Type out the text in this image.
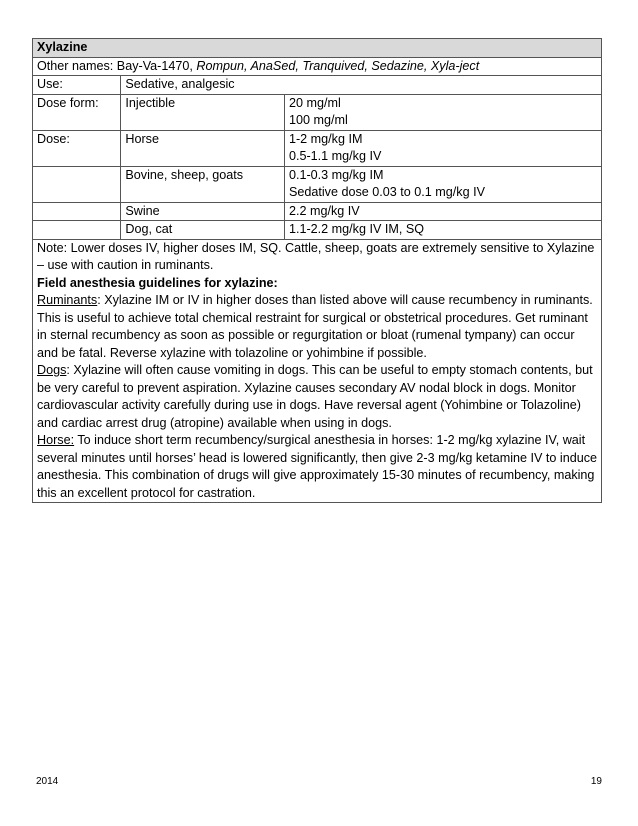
Xylazine		
Other names: Bay-Va-1470, Rompun, AnaSed, Tranquived, Sedazine, Xyla-ject		
Use:	Sedative, analgesic	
Dose form:	Injectible	20 mg/ml
100 mg/ml

Dose:	Horse	1-2 mg/kg IM
0.5-1.1 mg/kg IV

	Bovine, sheep, goats	0.1-0.3 mg/kg IM
Sedative dose 0.03 to 0.1 mg/kg IV

	Swine	2.2 mg/kg IV
	Dog, cat	1.1-2.2 mg/kg IV IM, SQ

Note: Lower doses IV, higher doses IM, SQ. Cattle, sheep, goats are extremely sensitive to Xylazine – use with caution in ruminants.

Field anesthesia guidelines for xylazine:

Ruminants: Xylazine IM or IV in higher doses than listed above will cause recumbency in ruminants. This is useful to achieve total chemical restraint for surgical or obstetrical procedures. Get ruminant in sternal recumbency as soon as possible or regurgitation or bloat (rumenal tympany) can occur and be fatal. Reverse xylazine with tolazoline or yohimbine if possible.

Dogs: Xylazine will often cause vomiting in dogs. This can be useful to empty stomach contents, but be very careful to prevent aspiration. Xylazine causes secondary AV nodal block in dogs. Monitor cardiovascular activity carefully during use in dogs. Have reversal agent (Yohimbine or Tolazoline) and cardiac arrest drug (atropine) available when using in dogs.

Horse: To induce short term recumbency/surgical anesthesia in horses: 1-2 mg/kg xylazine IV, wait several minutes until horses’ head is lowered significantly, then give 2-3 mg/kg ketamine IV to induce anesthesia. This combination of drugs will give approximately 15-30 minutes of recumbency, making this an excellent protocol for castration.		

2014	19
